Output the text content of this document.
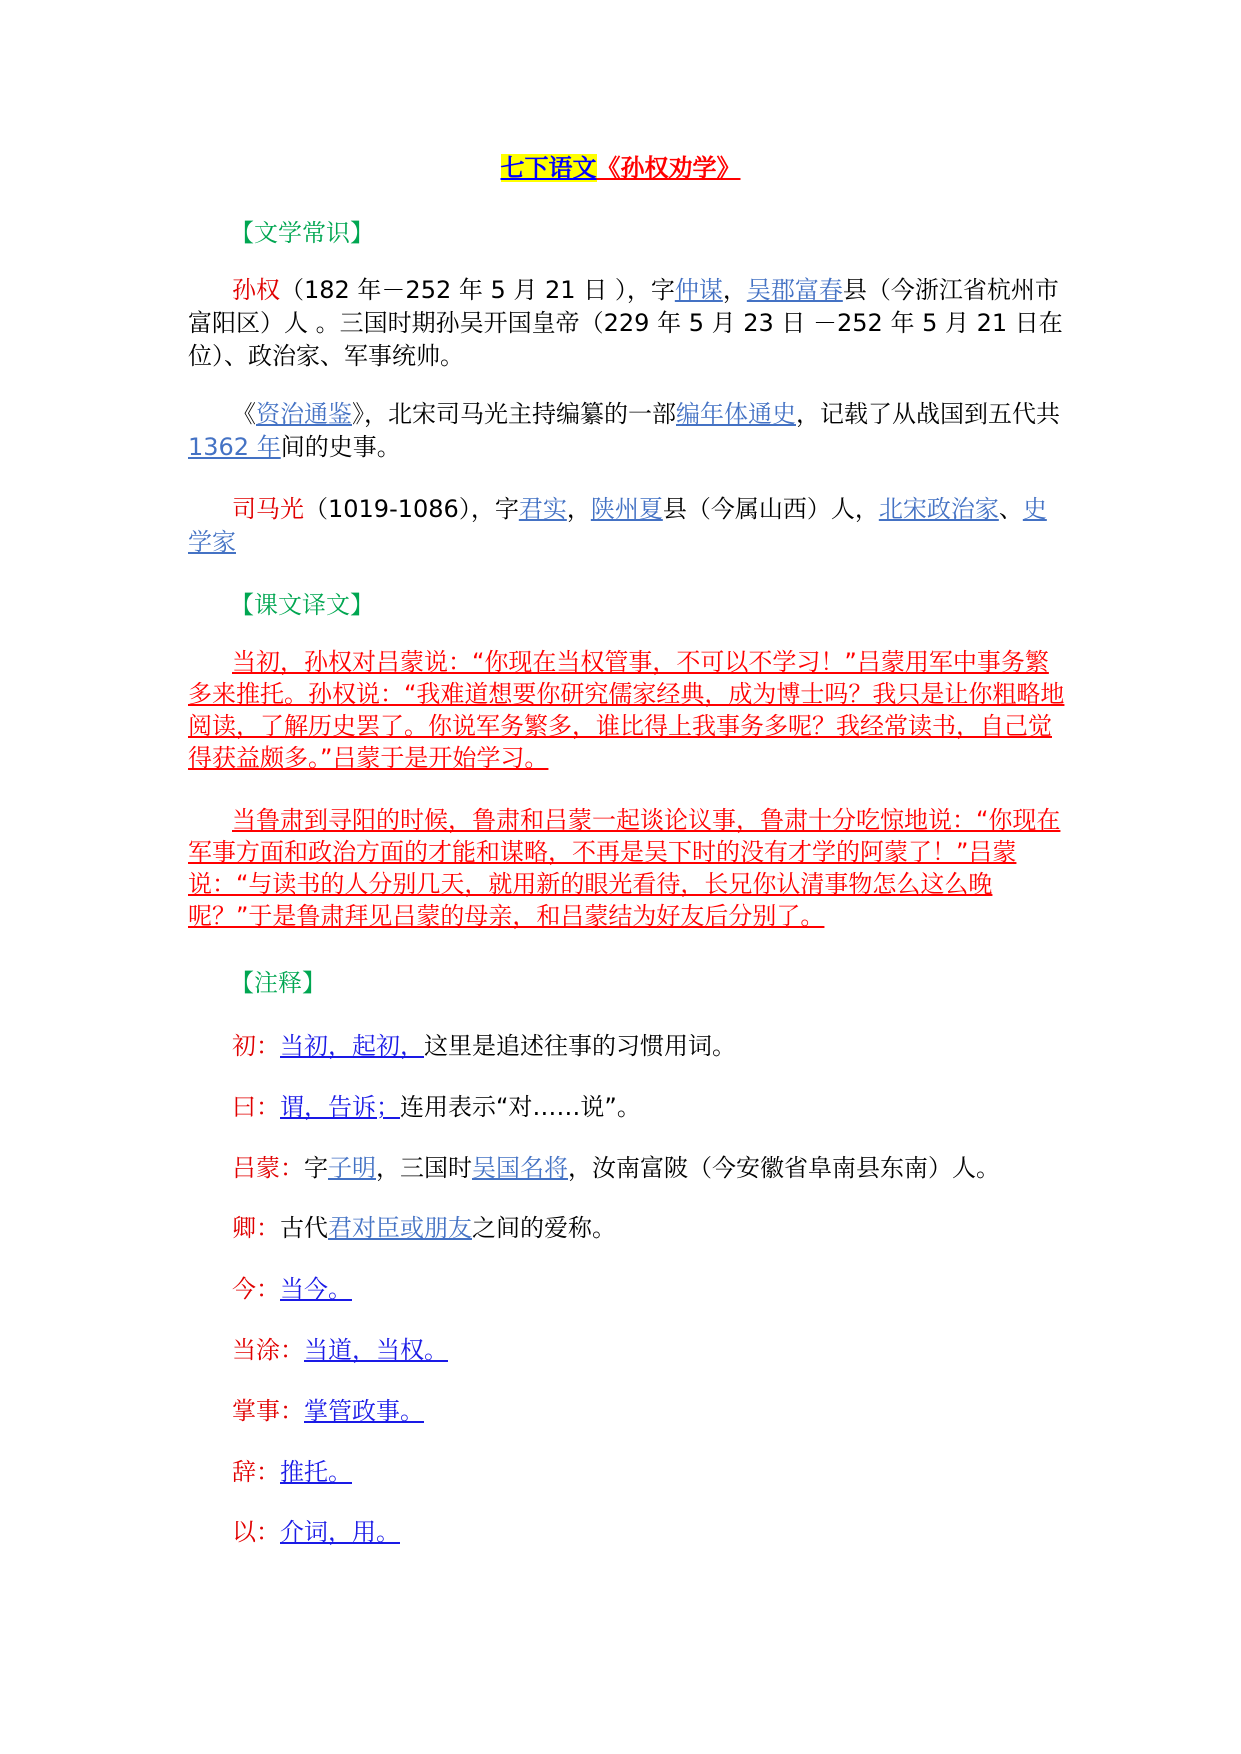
七下语文《孙权劝学》
【文学常识】
孙权（182 年－252 年 5 月 21 日 ），字仲谋，吴郡富春县（今浙江省杭州市富阳区）人 。三国时期孙吴开国皇帝（229 年 5 月 23 日 －252 年 5 月 21 日在位）、政治家、军事统帅。
《资治通鉴》，北宋司马光主持编纂的一部编年体通史，记载了从战国到五代共 1362 年间的史事。
司马光（1019-1086），字君实，陕州夏县（今属山西）人，北宋政治家、史学家
【课文译文】
当初，孙权对吕蒙说：“你现在当权管事，不可以不学习！”吕蒙用军中事务繁多来推托。孙权说：“我难道想要你研究儒家经典，成为博士吗？我只是让你粗略地阅读，了解历史罢了。你说军务繁多，谁比得上我事务多呢？我经常读书，自己觉得获益颇多。”吕蒙于是开始学习。
当鲁肃到寻阳的时候，鲁肃和吕蒙一起谈论议事，鲁肃十分吃惊地说：“你现在军事方面和政治方面的才能和谋略，不再是吴下时的没有才学的阿蒙了！”吕蒙说：“与读书的人分别几天，就用新的眼光看待，长兄你认清事物怎么这么晚呢？”于是鲁肃拜见吕蒙的母亲，和吕蒙结为好友后分别了。
【注释】
初：当初，起初，这里是追述往事的习惯用词。
曰：谓，告诉；连用表示“对……说”。
吕蒙：字子明，三国时吴国名将，汝南富陂（今安徽省阜南县东南）人。
卿：古代君对臣或朋友之间的爱称。
今：当今。
当涂：当道，当权。
掌事：掌管政事。
辞：推托。
以：介词，用。
